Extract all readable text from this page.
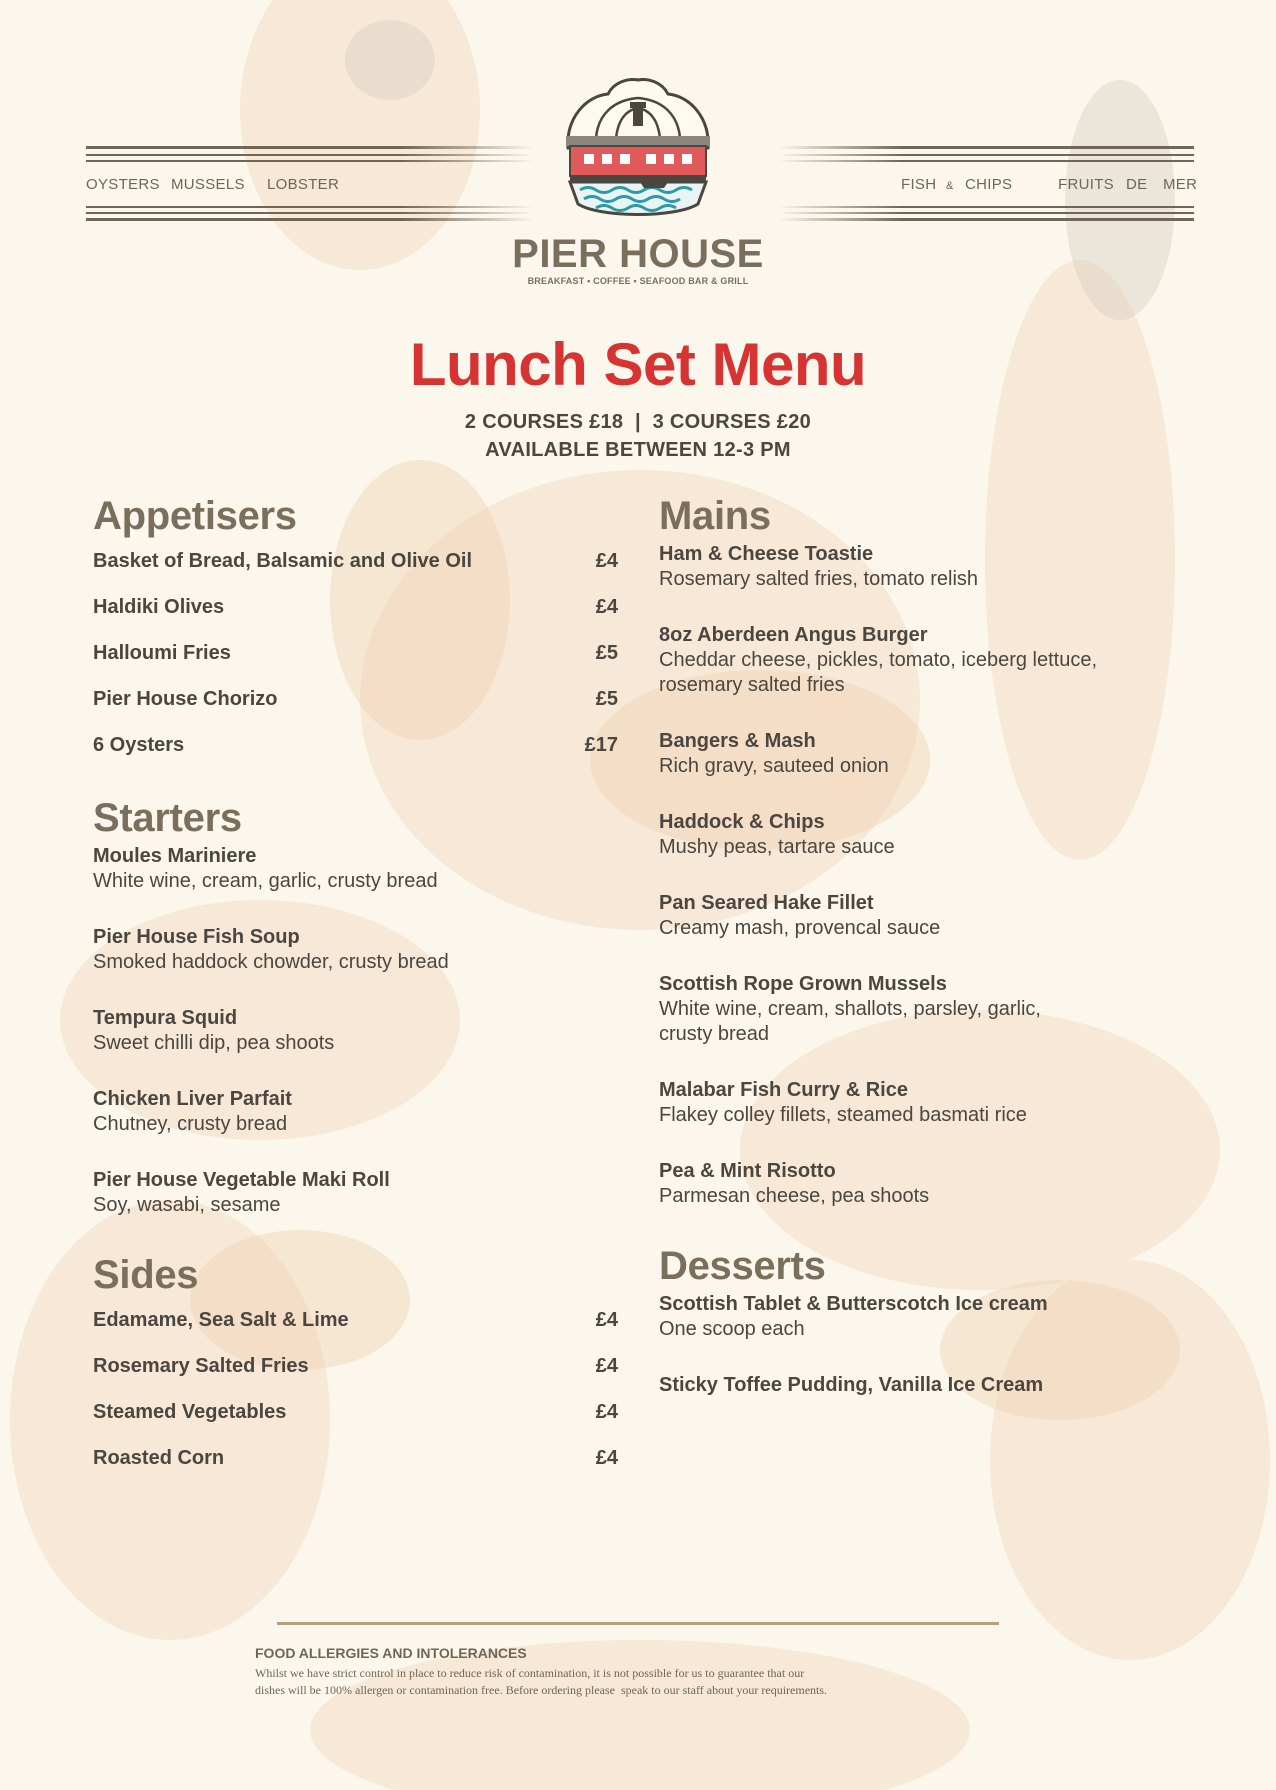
OYSTERS MUSSELS LOBSTER	FISH & CHIPS	FRUITS DE MER
PIER HOUSE
BREAKFAST • COFFEE • SEAFOOD BAR & GRILL
Lunch Set Menu
2 COURSES £18  |  3 COURSES £20
AVAILABLE BETWEEN 12-3 PM
Appetisers
Basket of Bread, Balsamic and Olive Oil	£4
Haldiki Olives	£4
Halloumi Fries	£5
Pier House Chorizo	£5
6 Oysters	£17
Starters
Moules Mariniere
White wine, cream, garlic, crusty bread
Pier House Fish Soup
Smoked haddock chowder, crusty bread
Tempura Squid
Sweet chilli dip, pea shoots
Chicken Liver Parfait
Chutney, crusty bread
Pier House Vegetable Maki Roll
Soy, wasabi, sesame
Sides
Edamame, Sea Salt & Lime	£4
Rosemary Salted Fries	£4
Steamed Vegetables	£4
Roasted Corn	£4
Mains
Ham & Cheese Toastie
Rosemary salted fries, tomato relish
8oz Aberdeen Angus Burger
Cheddar cheese, pickles, tomato, iceberg lettuce, rosemary salted fries
Bangers & Mash
Rich gravy, sauteed onion
Haddock & Chips
Mushy peas, tartare sauce
Pan Seared Hake Fillet
Creamy mash, provencal sauce
Scottish Rope Grown Mussels
White wine, cream, shallots, parsley, garlic, crusty bread
Malabar Fish Curry & Rice
Flakey colley fillets, steamed basmati rice
Pea & Mint Risotto
Parmesan cheese, pea shoots
Desserts
Scottish Tablet & Butterscotch Ice cream
One scoop each
Sticky Toffee Pudding, Vanilla Ice Cream
FOOD ALLERGIES AND INTOLERANCES
Whilst we have strict control in place to reduce risk of contamination, it is not possible for us to guarantee that our
dishes will be 100% allergen or contamination free. Before ordering please  speak to our staff about your requirements.
